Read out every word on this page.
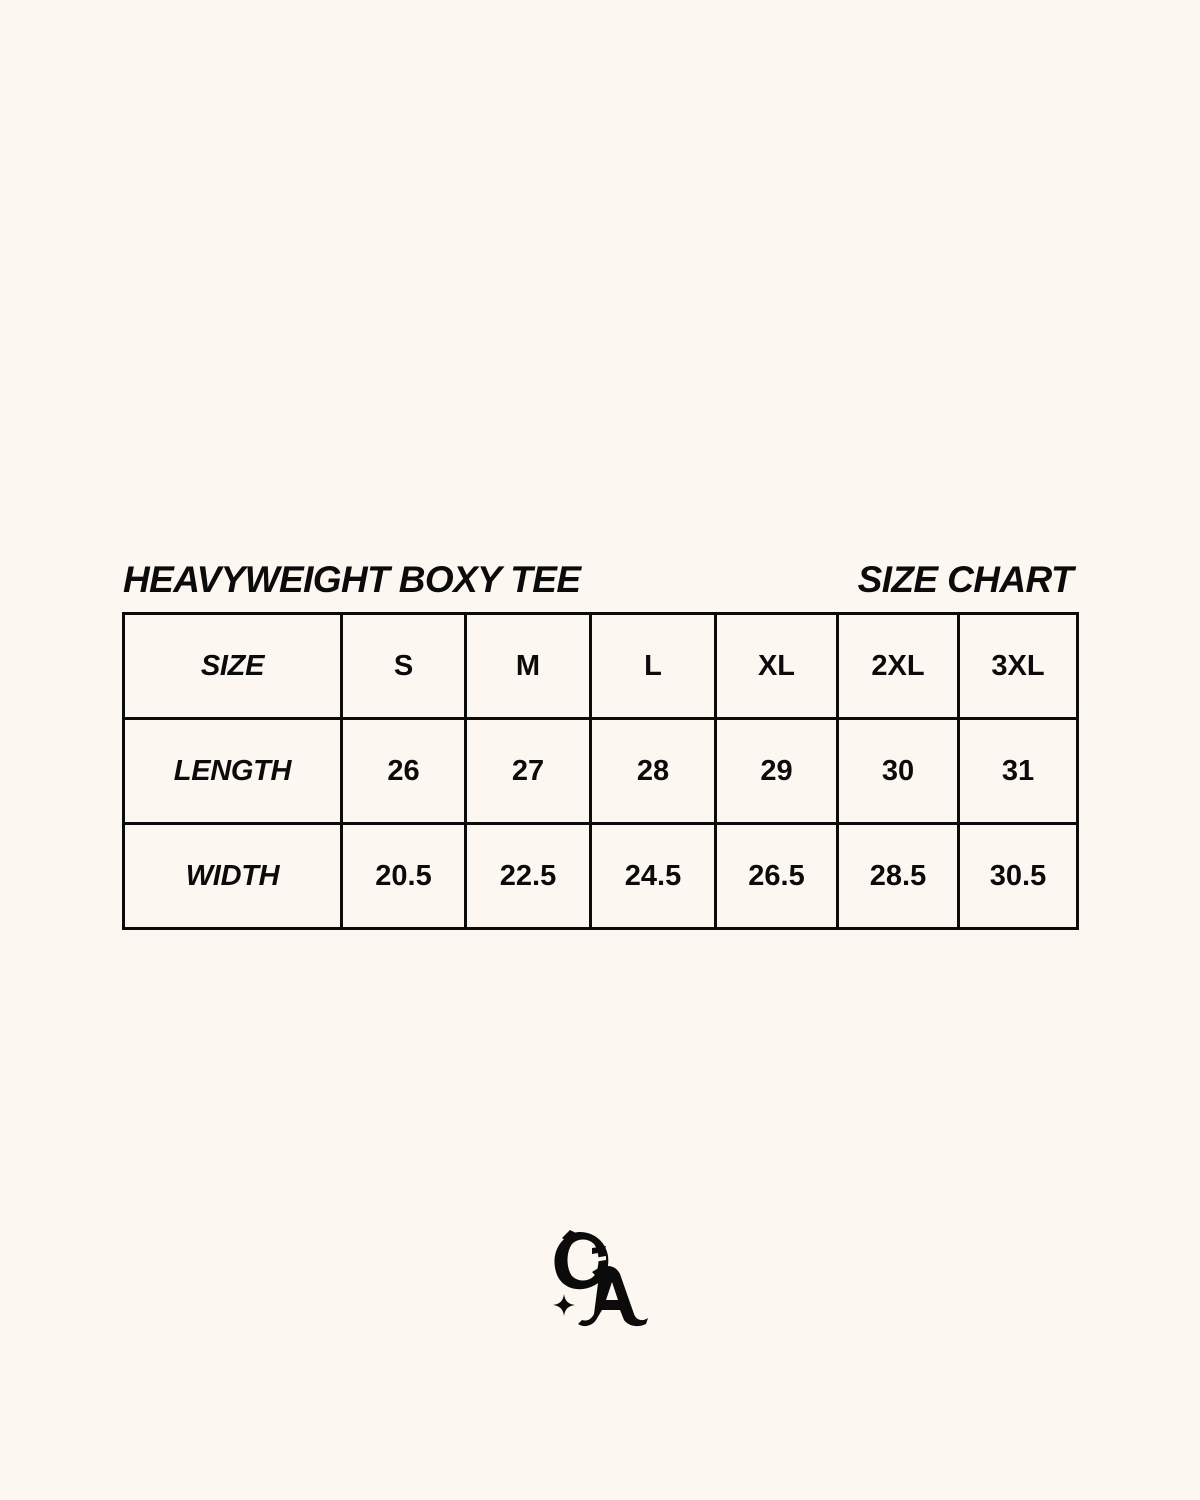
HEAVYWEIGHT BOXY TEE	SIZE CHART
SIZE	S	M	L	XL	2XL	3XL
LENGTH	26	27	28	29	30	31
WIDTH	20.5	22.5	24.5	26.5	28.5	30.5
